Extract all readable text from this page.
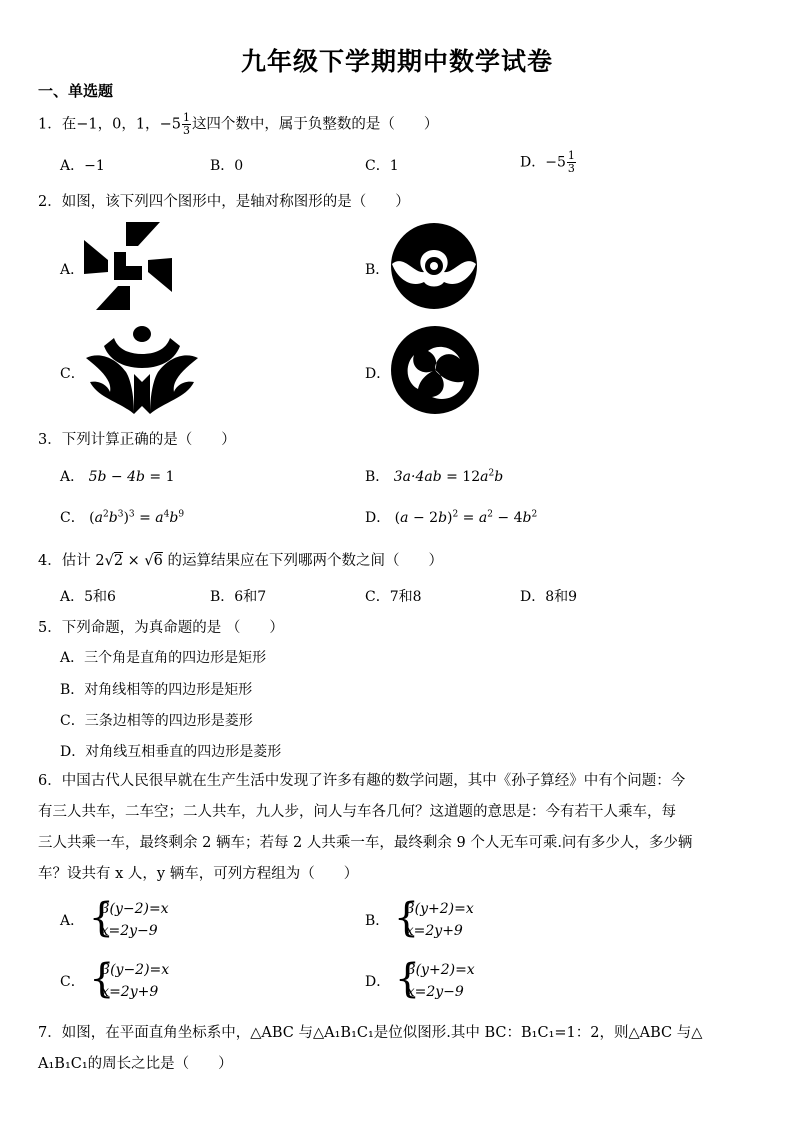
九年级下学期期中数学试卷
一、单选题
1．在−1，0，1，$-5 \frac{1}{3}$ 这四个数中，属于负整数的是（　　）
A．−1	B．0	C．1	D．$-5 \frac{1}{3}$
2．如图，该下列四个图形中，是轴对称图形的是（　　）
A．	B．
C．	D．
3．下列计算正确的是（　　）
A． 5b − 4b = 1	B． $3a\cdot 4ab = 12a^2b$
C． $(a^2b^3)^3 = a^4b^9$	D． $(a - 2b)^2 = a^2 - 4b^2$
4．估计 2√2 × √6 的运算结果应在下列哪两个数之间（　　）
A．5和6	B．6和7	C．7和8	D．8和9
5．下列命题，为真命题的是 （　　）
A．三个角是直角的四边形是矩形
B．对角线相等的四边形是矩形
C．三条边相等的四边形是菱形
D．对角线互相垂直的四边形是菱形
6．中国古代人民很早就在生产生活中发现了许多有趣的数学问题，其中《孙子算经》中有个问题：今
有三人共车，二车空；二人共车，九人步，问人与车各几何？这道题的意思是：今有若干人乘车，每
三人共乘一车，最终剩余 2 辆车；若每 2 人共乘一车，最终剩余 9 个人无车可乘.问有多少人，多少辆
车？设共有 x 人，y 辆车，可列方程组为（　　）
A． {
3(y−2)=x
x=2y−9
B． {
3(y+2)=x
x=2y+9
C． {
3(y−2)=x
x=2y+9
D． {
3(y+2)=x
x=2y−9
7．如图，在平面直角坐标系中，△ABC 与△A₁B₁C₁是位似图形.其中 BC：B₁C₁=1：2，则△ABC 与△
A₁B₁C₁的周长之比是（　　）
